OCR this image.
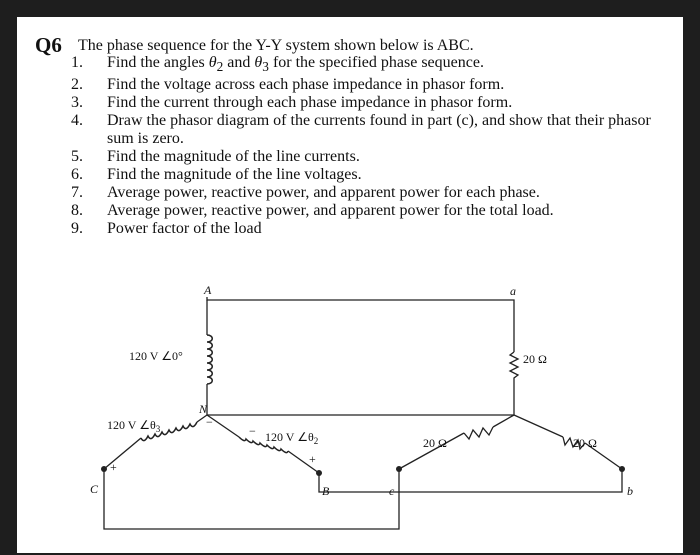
Q6 The phase sequence for the Y-Y system shown below is ABC.
1.	Find the angles $\theta_2$ and $\theta_3$ for the specified phase sequence.
2.	Find the voltage across each phase impedance in phasor form.
3.	Find the current through each phase impedance in phasor form.
4.	Draw the phasor diagram of the currents found in part (c), and show that their phasor sum is zero.
5.	Find the magnitude of the line currents.
6.	Find the magnitude of the line voltages.
7.	Average power, reactive power, and apparent power for each phase.
8.	Average power, reactive power, and apparent power for the total load.
9.	Power factor of the load
A	a
N
C	B	c	b
120 V ∠0°
120 V $\angle\theta_3$
120 V $\angle\theta_2$
20 Ω
20 Ω	20 Ω
+
−
−
+
